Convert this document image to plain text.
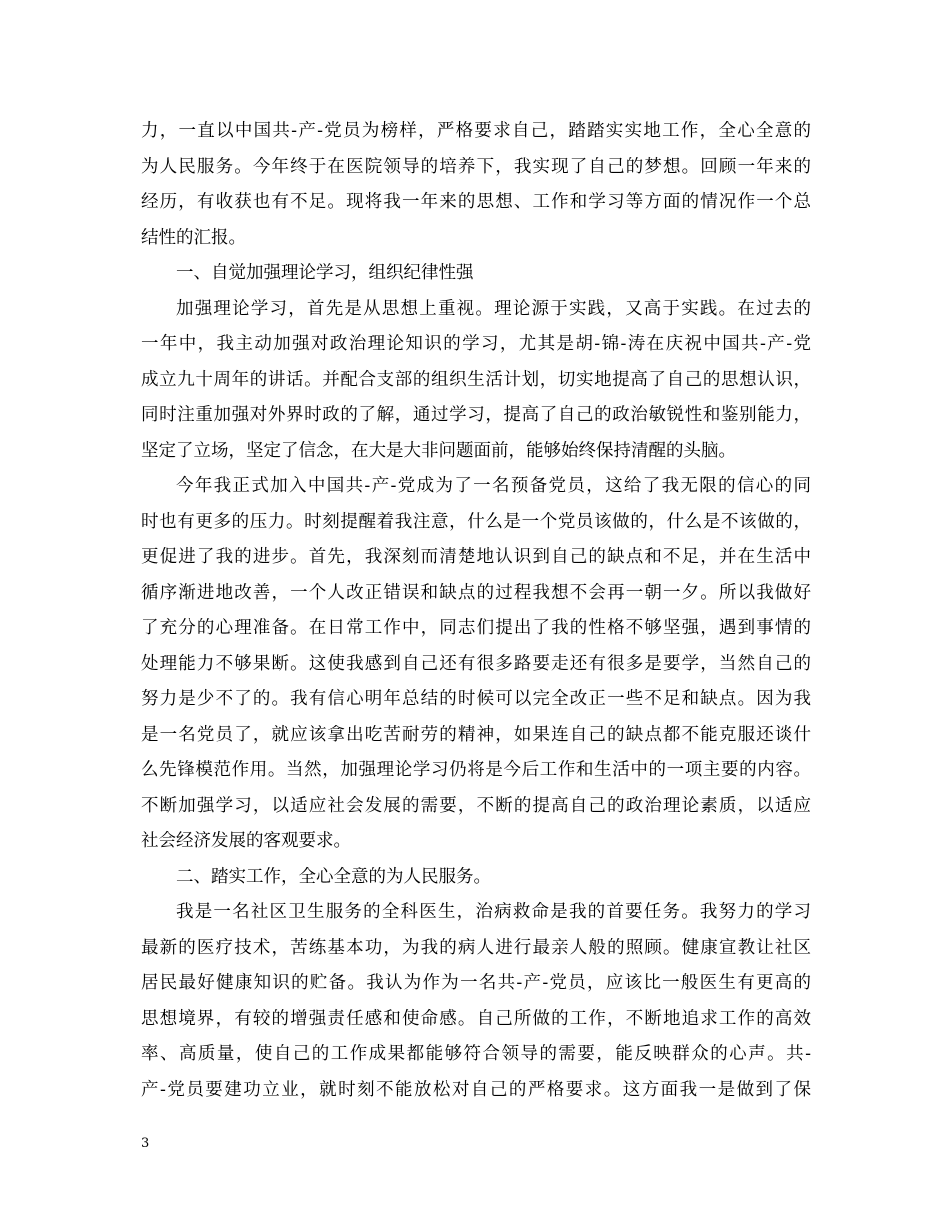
力，一直以中国共-产-党员为榜样，严格要求自己，踏踏实实地工作，全心全意的
为人民服务。今年终于在医院领导的培养下，我实现了自己的梦想。回顾一年来的
经历，有收获也有不足。现将我一年来的思想、工作和学习等方面的情况作一个总
结性的汇报。
一、自觉加强理论学习，组织纪律性强
加强理论学习，首先是从思想上重视。理论源于实践，又高于实践。在过去的
一年中，我主动加强对政治理论知识的学习，尤其是胡-锦-涛在庆祝中国共-产-党
成立九十周年的讲话。并配合支部的组织生活计划，切实地提高了自己的思想认识，
同时注重加强对外界时政的了解，通过学习，提高了自己的政治敏锐性和鉴别能力，
坚定了立场，坚定了信念，在大是大非问题面前，能够始终保持清醒的头脑。
今年我正式加入中国共-产-党成为了一名预备党员，这给了我无限的信心的同
时也有更多的压力。时刻提醒着我注意，什么是一个党员该做的，什么是不该做的，
更促进了我的进步。首先，我深刻而清楚地认识到自己的缺点和不足，并在生活中
循序渐进地改善，一个人改正错误和缺点的过程我想不会再一朝一夕。所以我做好
了充分的心理准备。在日常工作中，同志们提出了我的性格不够坚强，遇到事情的
处理能力不够果断。这使我感到自己还有很多路要走还有很多是要学，当然自己的
努力是少不了的。我有信心明年总结的时候可以完全改正一些不足和缺点。因为我
是一名党员了，就应该拿出吃苦耐劳的精神，如果连自己的缺点都不能克服还谈什
么先锋模范作用。当然，加强理论学习仍将是今后工作和生活中的一项主要的内容。
不断加强学习，以适应社会发展的需要，不断的提高自己的政治理论素质，以适应
社会经济发展的客观要求。
二、踏实工作，全心全意的为人民服务。
我是一名社区卫生服务的全科医生，治病救命是我的首要任务。我努力的学习
最新的医疗技术，苦练基本功，为我的病人进行最亲人般的照顾。健康宣教让社区
居民最好健康知识的贮备。我认为作为一名共-产-党员，应该比一般医生有更高的
思想境界，有较的增强责任感和使命感。自己所做的工作，不断地追求工作的高效
率、高质量，使自己的工作成果都能够符合领导的需要，能反映群众的心声。共-
产-党员要建功立业，就时刻不能放松对自己的严格要求。这方面我一是做到了保
3
